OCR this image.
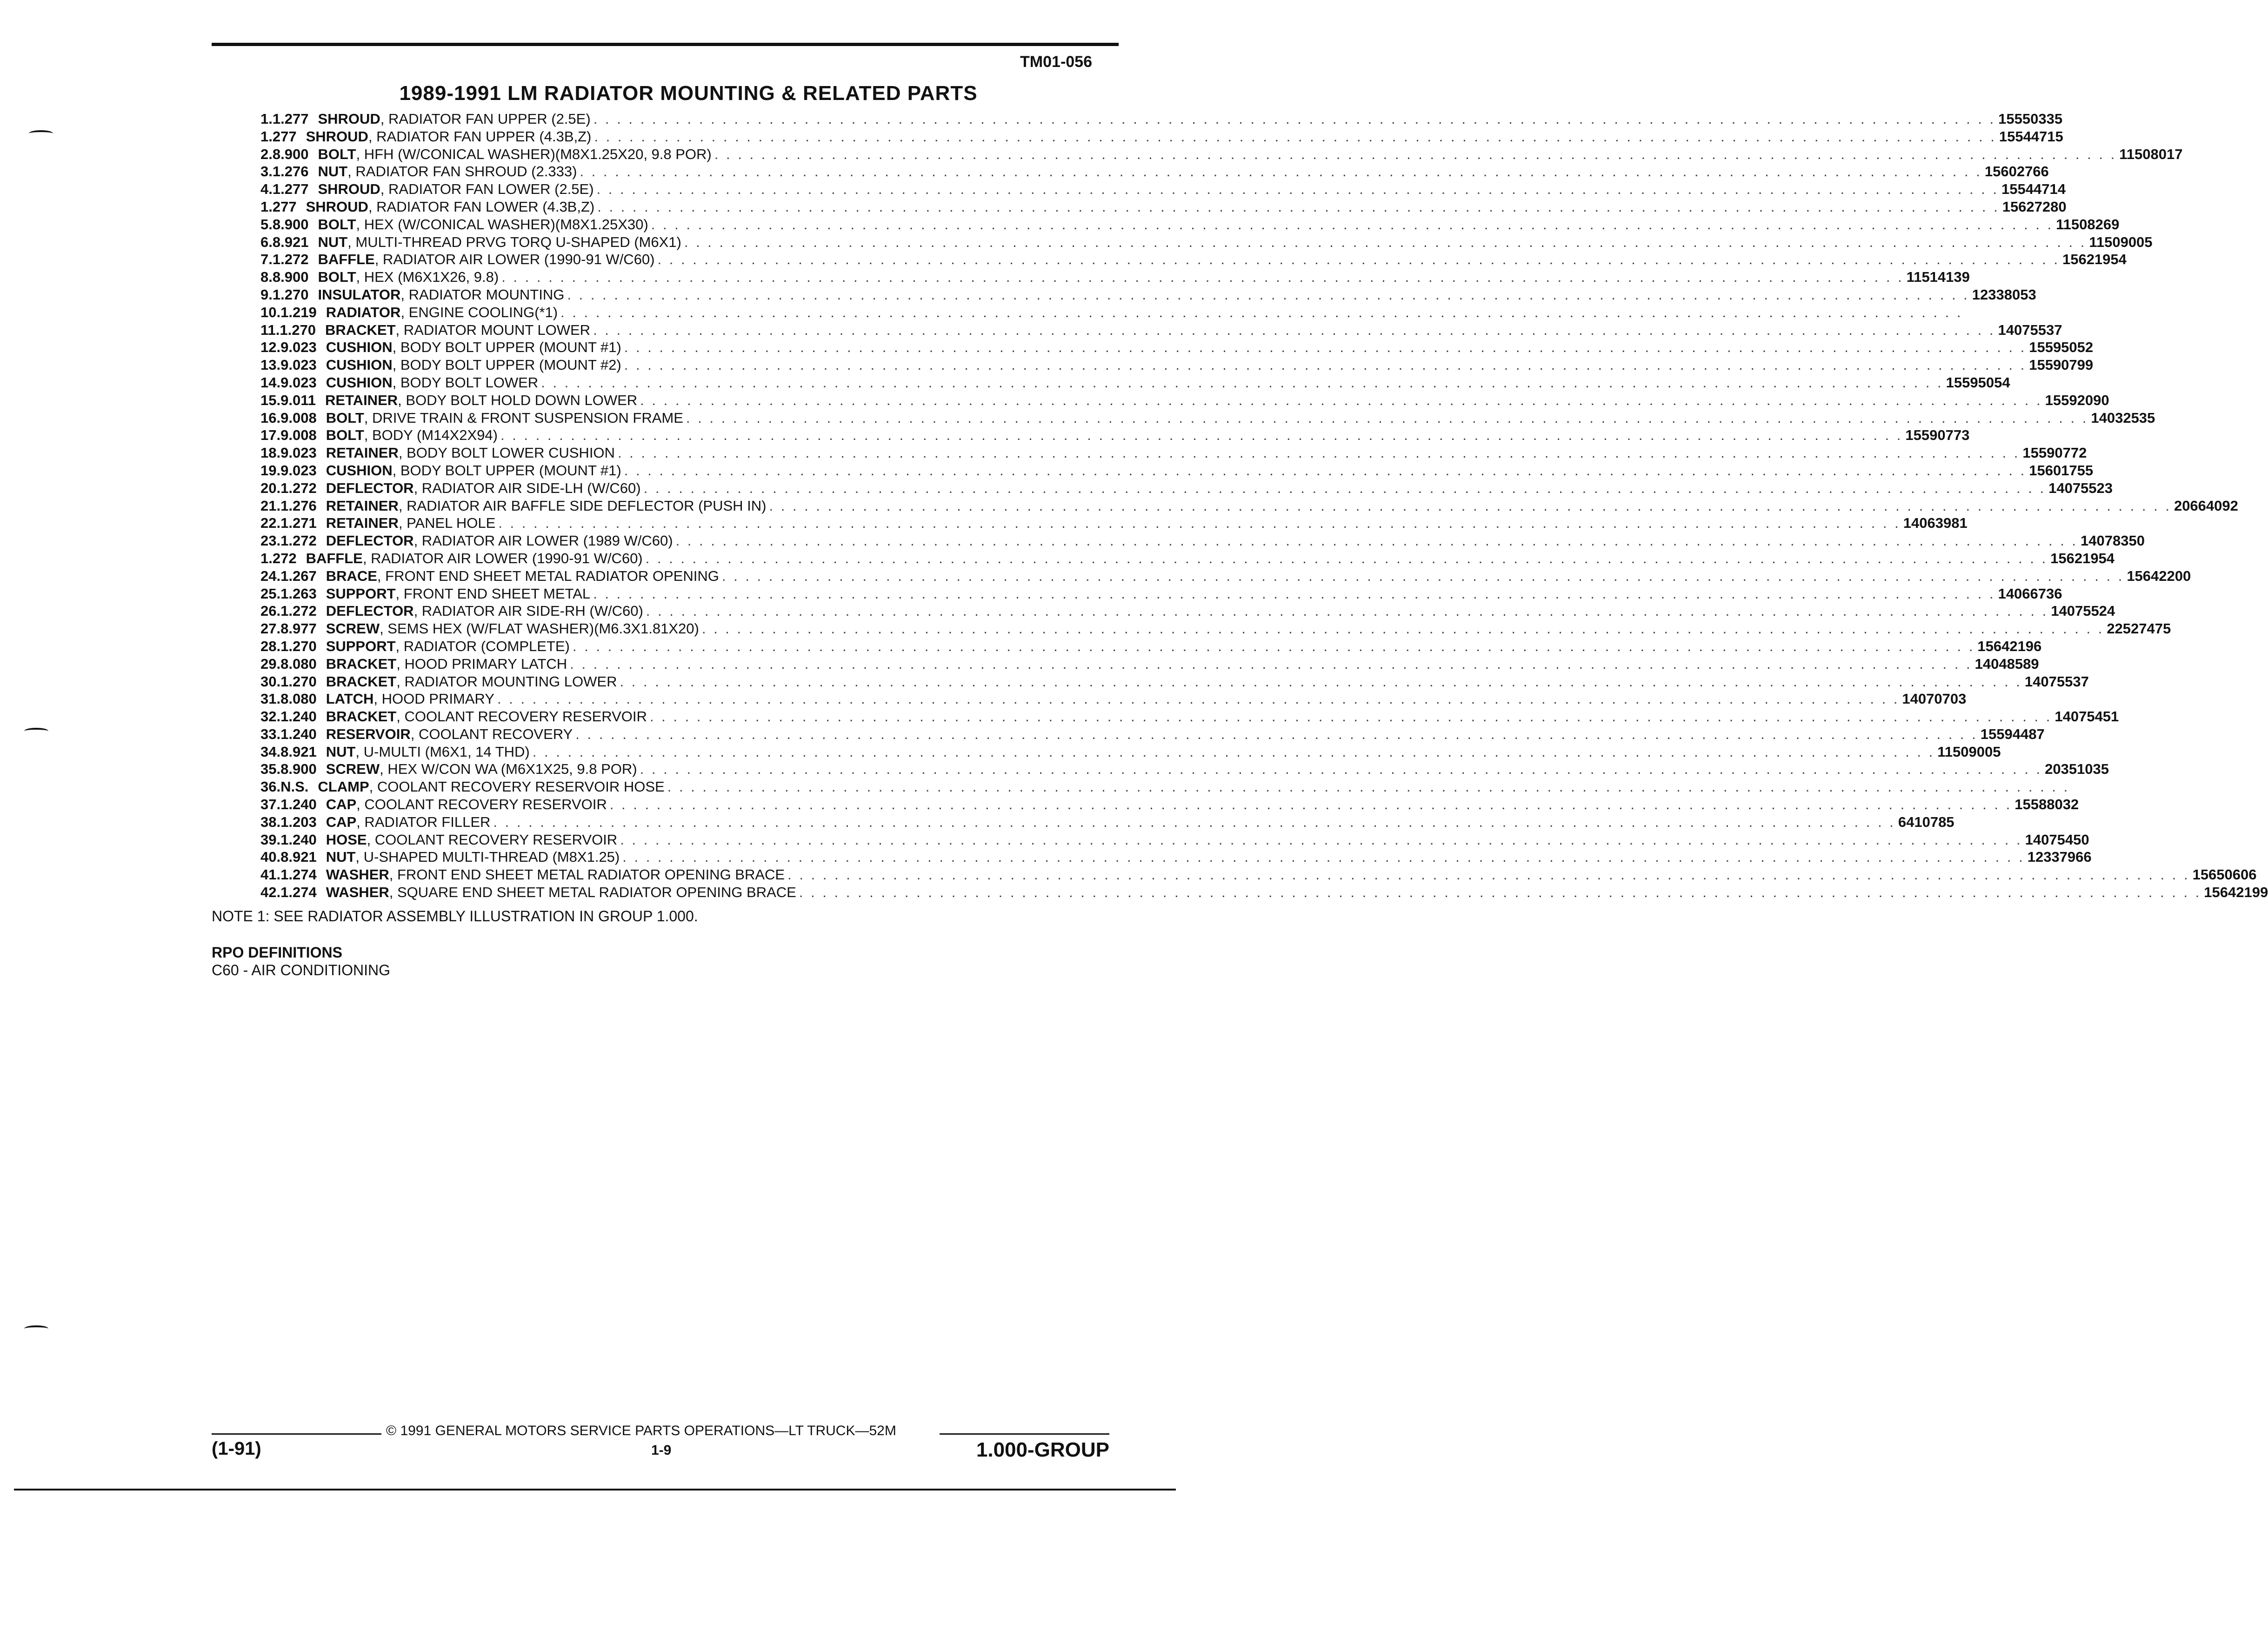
TM01-056
1989-1991 LM RADIATOR MOUNTING & RELATED PARTS
1. 1.277 SHROUD , RADIATOR FAN UPPER (2.5E) . . . . . . . . . . . . . . . . . . . . . . . . . . . . . . . . . . . . . . . . . . . . . . . . . . . . . . . . . . . . . . . . . . . . . . . . . . . . . . . . . . . . . . . . . . . . . . . . . . . . . . . . . . . . . . . . . . . . . . . . 15550335
1.277 SHROUD , RADIATOR FAN UPPER (4.3B,Z) . . . . . . . . . . . . . . . . . . . . . . . . . . . . . . . . . . . . . . . . . . . . . . . . . . . . . . . . . . . . . . . . . . . . . . . . . . . . . . . . . . . . . . . . . . . . . . . . . . . . . . . . . . . . . . . . . . . . . . . . 15544715
2. 8.900 BOLT , HFH (W/CONICAL WASHER)(M8X1.25X20, 9.8 POR) . . . . . . . . . . . . . . . . . . . . . . . . . . . . . . . . . . . . . . . . . . . . . . . . . . . . . . . . . . . . . . . . . . . . . . . . . . . . . . . . . . . . . . . . . . . . . . . . . . . . . . . . . . . . . . . . . . . . . . . . 11508017
3. 1.276 NUT , RADIATOR FAN SHROUD (2.333) . . . . . . . . . . . . . . . . . . . . . . . . . . . . . . . . . . . . . . . . . . . . . . . . . . . . . . . . . . . . . . . . . . . . . . . . . . . . . . . . . . . . . . . . . . . . . . . . . . . . . . . . . . . . . . . . . . . . . . . . 15602766
4. 1.277 SHROUD , RADIATOR FAN LOWER (2.5E) . . . . . . . . . . . . . . . . . . . . . . . . . . . . . . . . . . . . . . . . . . . . . . . . . . . . . . . . . . . . . . . . . . . . . . . . . . . . . . . . . . . . . . . . . . . . . . . . . . . . . . . . . . . . . . . . . . . . . . . . 15544714
1.277 SHROUD , RADIATOR FAN LOWER (4.3B,Z) . . . . . . . . . . . . . . . . . . . . . . . . . . . . . . . . . . . . . . . . . . . . . . . . . . . . . . . . . . . . . . . . . . . . . . . . . . . . . . . . . . . . . . . . . . . . . . . . . . . . . . . . . . . . . . . . . . . . . . . . 15627280
5. 8.900 BOLT , HEX (W/CONICAL WASHER)(M8X1.25X30) . . . . . . . . . . . . . . . . . . . . . . . . . . . . . . . . . . . . . . . . . . . . . . . . . . . . . . . . . . . . . . . . . . . . . . . . . . . . . . . . . . . . . . . . . . . . . . . . . . . . . . . . . . . . . . . . . . . . . . . . 11508269
6. 8.921 NUT , MULTI-THREAD PRVG TORQ U-SHAPED (M6X1) . . . . . . . . . . . . . . . . . . . . . . . . . . . . . . . . . . . . . . . . . . . . . . . . . . . . . . . . . . . . . . . . . . . . . . . . . . . . . . . . . . . . . . . . . . . . . . . . . . . . . . . . . . . . . . . . . . . . . . . . 11509005
7. 1.272 BAFFLE , RADIATOR AIR LOWER (1990-91 W/C60) . . . . . . . . . . . . . . . . . . . . . . . . . . . . . . . . . . . . . . . . . . . . . . . . . . . . . . . . . . . . . . . . . . . . . . . . . . . . . . . . . . . . . . . . . . . . . . . . . . . . . . . . . . . . . . . . . . . . . . . . 15621954
8. 8.900 BOLT , HEX (M6X1X26, 9.8) . . . . . . . . . . . . . . . . . . . . . . . . . . . . . . . . . . . . . . . . . . . . . . . . . . . . . . . . . . . . . . . . . . . . . . . . . . . . . . . . . . . . . . . . . . . . . . . . . . . . . . . . . . . . . . . . . . . . . . . . 11514139
9. 1.270 INSULATOR , RADIATOR MOUNTING . . . . . . . . . . . . . . . . . . . . . . . . . . . . . . . . . . . . . . . . . . . . . . . . . . . . . . . . . . . . . . . . . . . . . . . . . . . . . . . . . . . . . . . . . . . . . . . . . . . . . . . . . . . . . . . . . . . . . . . . 12338053
10. 1.219 RADIATOR , ENGINE COOLING(*1) . . . . . . . . . . . . . . . . . . . . . . . . . . . . . . . . . . . . . . . . . . . . . . . . . . . . . . . . . . . . . . . . . . . . . . . . . . . . . . . . . . . . . . . . . . . . . . . . . . . . . . . . . . . . . . . . . . . . . . . .
11. 1.270 BRACKET , RADIATOR MOUNT LOWER . . . . . . . . . . . . . . . . . . . . . . . . . . . . . . . . . . . . . . . . . . . . . . . . . . . . . . . . . . . . . . . . . . . . . . . . . . . . . . . . . . . . . . . . . . . . . . . . . . . . . . . . . . . . . . . . . . . . . . . . 14075537
12. 9.023 CUSHION , BODY BOLT UPPER (MOUNT #1) . . . . . . . . . . . . . . . . . . . . . . . . . . . . . . . . . . . . . . . . . . . . . . . . . . . . . . . . . . . . . . . . . . . . . . . . . . . . . . . . . . . . . . . . . . . . . . . . . . . . . . . . . . . . . . . . . . . . . . . . 15595052
13. 9.023 CUSHION , BODY BOLT UPPER (MOUNT #2) . . . . . . . . . . . . . . . . . . . . . . . . . . . . . . . . . . . . . . . . . . . . . . . . . . . . . . . . . . . . . . . . . . . . . . . . . . . . . . . . . . . . . . . . . . . . . . . . . . . . . . . . . . . . . . . . . . . . . . . . 15590799
14. 9.023 CUSHION , BODY BOLT LOWER . . . . . . . . . . . . . . . . . . . . . . . . . . . . . . . . . . . . . . . . . . . . . . . . . . . . . . . . . . . . . . . . . . . . . . . . . . . . . . . . . . . . . . . . . . . . . . . . . . . . . . . . . . . . . . . . . . . . . . . . 15595054
15. 9.011 RETAINER , BODY BOLT HOLD DOWN LOWER . . . . . . . . . . . . . . . . . . . . . . . . . . . . . . . . . . . . . . . . . . . . . . . . . . . . . . . . . . . . . . . . . . . . . . . . . . . . . . . . . . . . . . . . . . . . . . . . . . . . . . . . . . . . . . . . . . . . . . . . 15592090
16. 9.008 BOLT , DRIVE TRAIN & FRONT SUSPENSION FRAME . . . . . . . . . . . . . . . . . . . . . . . . . . . . . . . . . . . . . . . . . . . . . . . . . . . . . . . . . . . . . . . . . . . . . . . . . . . . . . . . . . . . . . . . . . . . . . . . . . . . . . . . . . . . . . . . . . . . . . . . 14032535
17. 9.008 BOLT , BODY (M14X2X94) . . . . . . . . . . . . . . . . . . . . . . . . . . . . . . . . . . . . . . . . . . . . . . . . . . . . . . . . . . . . . . . . . . . . . . . . . . . . . . . . . . . . . . . . . . . . . . . . . . . . . . . . . . . . . . . . . . . . . . . . 15590773
18. 9.023 RETAINER , BODY BOLT LOWER CUSHION . . . . . . . . . . . . . . . . . . . . . . . . . . . . . . . . . . . . . . . . . . . . . . . . . . . . . . . . . . . . . . . . . . . . . . . . . . . . . . . . . . . . . . . . . . . . . . . . . . . . . . . . . . . . . . . . . . . . . . . . 15590772
19. 9.023 CUSHION , BODY BOLT UPPER (MOUNT #1) . . . . . . . . . . . . . . . . . . . . . . . . . . . . . . . . . . . . . . . . . . . . . . . . . . . . . . . . . . . . . . . . . . . . . . . . . . . . . . . . . . . . . . . . . . . . . . . . . . . . . . . . . . . . . . . . . . . . . . . . 15601755
20. 1.272 DEFLECTOR , RADIATOR AIR SIDE-LH (W/C60) . . . . . . . . . . . . . . . . . . . . . . . . . . . . . . . . . . . . . . . . . . . . . . . . . . . . . . . . . . . . . . . . . . . . . . . . . . . . . . . . . . . . . . . . . . . . . . . . . . . . . . . . . . . . . . . . . . . . . . . . 14075523
21. 1.276 RETAINER , RADIATOR AIR BAFFLE SIDE DEFLECTOR (PUSH IN) . . . . . . . . . . . . . . . . . . . . . . . . . . . . . . . . . . . . . . . . . . . . . . . . . . . . . . . . . . . . . . . . . . . . . . . . . . . . . . . . . . . . . . . . . . . . . . . . . . . . . . . . . . . . . . . . . . . . . . . . 20664092
22. 1.271 RETAINER , PANEL HOLE . . . . . . . . . . . . . . . . . . . . . . . . . . . . . . . . . . . . . . . . . . . . . . . . . . . . . . . . . . . . . . . . . . . . . . . . . . . . . . . . . . . . . . . . . . . . . . . . . . . . . . . . . . . . . . . . . . . . . . . . 14063981
23. 1.272 DEFLECTOR , RADIATOR AIR LOWER (1989 W/C60) . . . . . . . . . . . . . . . . . . . . . . . . . . . . . . . . . . . . . . . . . . . . . . . . . . . . . . . . . . . . . . . . . . . . . . . . . . . . . . . . . . . . . . . . . . . . . . . . . . . . . . . . . . . . . . . . . . . . . . . . 14078350
1.272 BAFFLE , RADIATOR AIR LOWER (1990-91 W/C60) . . . . . . . . . . . . . . . . . . . . . . . . . . . . . . . . . . . . . . . . . . . . . . . . . . . . . . . . . . . . . . . . . . . . . . . . . . . . . . . . . . . . . . . . . . . . . . . . . . . . . . . . . . . . . . . . . . . . . . . . 15621954
24. 1.267 BRACE , FRONT END SHEET METAL RADIATOR OPENING . . . . . . . . . . . . . . . . . . . . . . . . . . . . . . . . . . . . . . . . . . . . . . . . . . . . . . . . . . . . . . . . . . . . . . . . . . . . . . . . . . . . . . . . . . . . . . . . . . . . . . . . . . . . . . . . . . . . . . . . 15642200
25. 1.263 SUPPORT , FRONT END SHEET METAL . . . . . . . . . . . . . . . . . . . . . . . . . . . . . . . . . . . . . . . . . . . . . . . . . . . . . . . . . . . . . . . . . . . . . . . . . . . . . . . . . . . . . . . . . . . . . . . . . . . . . . . . . . . . . . . . . . . . . . . . 14066736
26. 1.272 DEFLECTOR , RADIATOR AIR SIDE-RH (W/C60) . . . . . . . . . . . . . . . . . . . . . . . . . . . . . . . . . . . . . . . . . . . . . . . . . . . . . . . . . . . . . . . . . . . . . . . . . . . . . . . . . . . . . . . . . . . . . . . . . . . . . . . . . . . . . . . . . . . . . . . . 14075524
27. 8.977 SCREW , SEMS HEX (W/FLAT WASHER)(M6.3X1.81X20) . . . . . . . . . . . . . . . . . . . . . . . . . . . . . . . . . . . . . . . . . . . . . . . . . . . . . . . . . . . . . . . . . . . . . . . . . . . . . . . . . . . . . . . . . . . . . . . . . . . . . . . . . . . . . . . . . . . . . . . . 22527475
28. 1.270 SUPPORT , RADIATOR (COMPLETE) . . . . . . . . . . . . . . . . . . . . . . . . . . . . . . . . . . . . . . . . . . . . . . . . . . . . . . . . . . . . . . . . . . . . . . . . . . . . . . . . . . . . . . . . . . . . . . . . . . . . . . . . . . . . . . . . . . . . . . . . 15642196
29. 8.080 BRACKET , HOOD PRIMARY LATCH . . . . . . . . . . . . . . . . . . . . . . . . . . . . . . . . . . . . . . . . . . . . . . . . . . . . . . . . . . . . . . . . . . . . . . . . . . . . . . . . . . . . . . . . . . . . . . . . . . . . . . . . . . . . . . . . . . . . . . . . 14048589
30. 1.270 BRACKET , RADIATOR MOUNTING LOWER . . . . . . . . . . . . . . . . . . . . . . . . . . . . . . . . . . . . . . . . . . . . . . . . . . . . . . . . . . . . . . . . . . . . . . . . . . . . . . . . . . . . . . . . . . . . . . . . . . . . . . . . . . . . . . . . . . . . . . . . 14075537
31. 8.080 LATCH , HOOD PRIMARY . . . . . . . . . . . . . . . . . . . . . . . . . . . . . . . . . . . . . . . . . . . . . . . . . . . . . . . . . . . . . . . . . . . . . . . . . . . . . . . . . . . . . . . . . . . . . . . . . . . . . . . . . . . . . . . . . . . . . . . . 14070703
32. 1.240 BRACKET , COOLANT RECOVERY RESERVOIR . . . . . . . . . . . . . . . . . . . . . . . . . . . . . . . . . . . . . . . . . . . . . . . . . . . . . . . . . . . . . . . . . . . . . . . . . . . . . . . . . . . . . . . . . . . . . . . . . . . . . . . . . . . . . . . . . . . . . . . . 14075451
33. 1.240 RESERVOIR , COOLANT RECOVERY . . . . . . . . . . . . . . . . . . . . . . . . . . . . . . . . . . . . . . . . . . . . . . . . . . . . . . . . . . . . . . . . . . . . . . . . . . . . . . . . . . . . . . . . . . . . . . . . . . . . . . . . . . . . . . . . . . . . . . . . 15594487
34. 8.921 NUT , U-MULTI (M6X1, 14 THD) . . . . . . . . . . . . . . . . . . . . . . . . . . . . . . . . . . . . . . . . . . . . . . . . . . . . . . . . . . . . . . . . . . . . . . . . . . . . . . . . . . . . . . . . . . . . . . . . . . . . . . . . . . . . . . . . . . . . . . . . 11509005
35. 8.900 SCREW , HEX W/CON WA (M6X1X25, 9.8 POR) . . . . . . . . . . . . . . . . . . . . . . . . . . . . . . . . . . . . . . . . . . . . . . . . . . . . . . . . . . . . . . . . . . . . . . . . . . . . . . . . . . . . . . . . . . . . . . . . . . . . . . . . . . . . . . . . . . . . . . . . 20351035
36. N.S. CLAMP , COOLANT RECOVERY RESERVOIR HOSE . . . . . . . . . . . . . . . . . . . . . . . . . . . . . . . . . . . . . . . . . . . . . . . . . . . . . . . . . . . . . . . . . . . . . . . . . . . . . . . . . . . . . . . . . . . . . . . . . . . . . . . . . . . . . . . . . . . . . . . .
37. 1.240 CAP , COOLANT RECOVERY RESERVOIR . . . . . . . . . . . . . . . . . . . . . . . . . . . . . . . . . . . . . . . . . . . . . . . . . . . . . . . . . . . . . . . . . . . . . . . . . . . . . . . . . . . . . . . . . . . . . . . . . . . . . . . . . . . . . . . . . . . . . . . . 15588032
38. 1.203 CAP , RADIATOR FILLER . . . . . . . . . . . . . . . . . . . . . . . . . . . . . . . . . . . . . . . . . . . . . . . . . . . . . . . . . . . . . . . . . . . . . . . . . . . . . . . . . . . . . . . . . . . . . . . . . . . . . . . . . . . . . . . . . . . . . . . . 6410785
39. 1.240 HOSE , COOLANT RECOVERY RESERVOIR . . . . . . . . . . . . . . . . . . . . . . . . . . . . . . . . . . . . . . . . . . . . . . . . . . . . . . . . . . . . . . . . . . . . . . . . . . . . . . . . . . . . . . . . . . . . . . . . . . . . . . . . . . . . . . . . . . . . . . . . 14075450
40. 8.921 NUT , U-SHAPED MULTI-THREAD (M8X1.25) . . . . . . . . . . . . . . . . . . . . . . . . . . . . . . . . . . . . . . . . . . . . . . . . . . . . . . . . . . . . . . . . . . . . . . . . . . . . . . . . . . . . . . . . . . . . . . . . . . . . . . . . . . . . . . . . . . . . . . . . 12337966
41. 1.274 WASHER , FRONT END SHEET METAL RADIATOR OPENING BRACE . . . . . . . . . . . . . . . . . . . . . . . . . . . . . . . . . . . . . . . . . . . . . . . . . . . . . . . . . . . . . . . . . . . . . . . . . . . . . . . . . . . . . . . . . . . . . . . . . . . . . . . . . . . . . . . . . . . . . . . . 15650606
42. 1.274 WASHER , SQUARE END SHEET METAL RADIATOR OPENING BRACE . . . . . . . . . . . . . . . . . . . . . . . . . . . . . . . . . . . . . . . . . . . . . . . . . . . . . . . . . . . . . . . . . . . . . . . . . . . . . . . . . . . . . . . . . . . . . . . . . . . . . . . . . . . . . . . . . . . . . . . . 15642199
NOTE 1: SEE RADIATOR ASSEMBLY ILLUSTRATION IN GROUP 1.000.
RPO DEFINITIONS
C60 - AIR CONDITIONING
© 1991 GENERAL MOTORS SERVICE PARTS OPERATIONS—LT TRUCK—52M
(1-91)	1-9	1.000-GROUP
